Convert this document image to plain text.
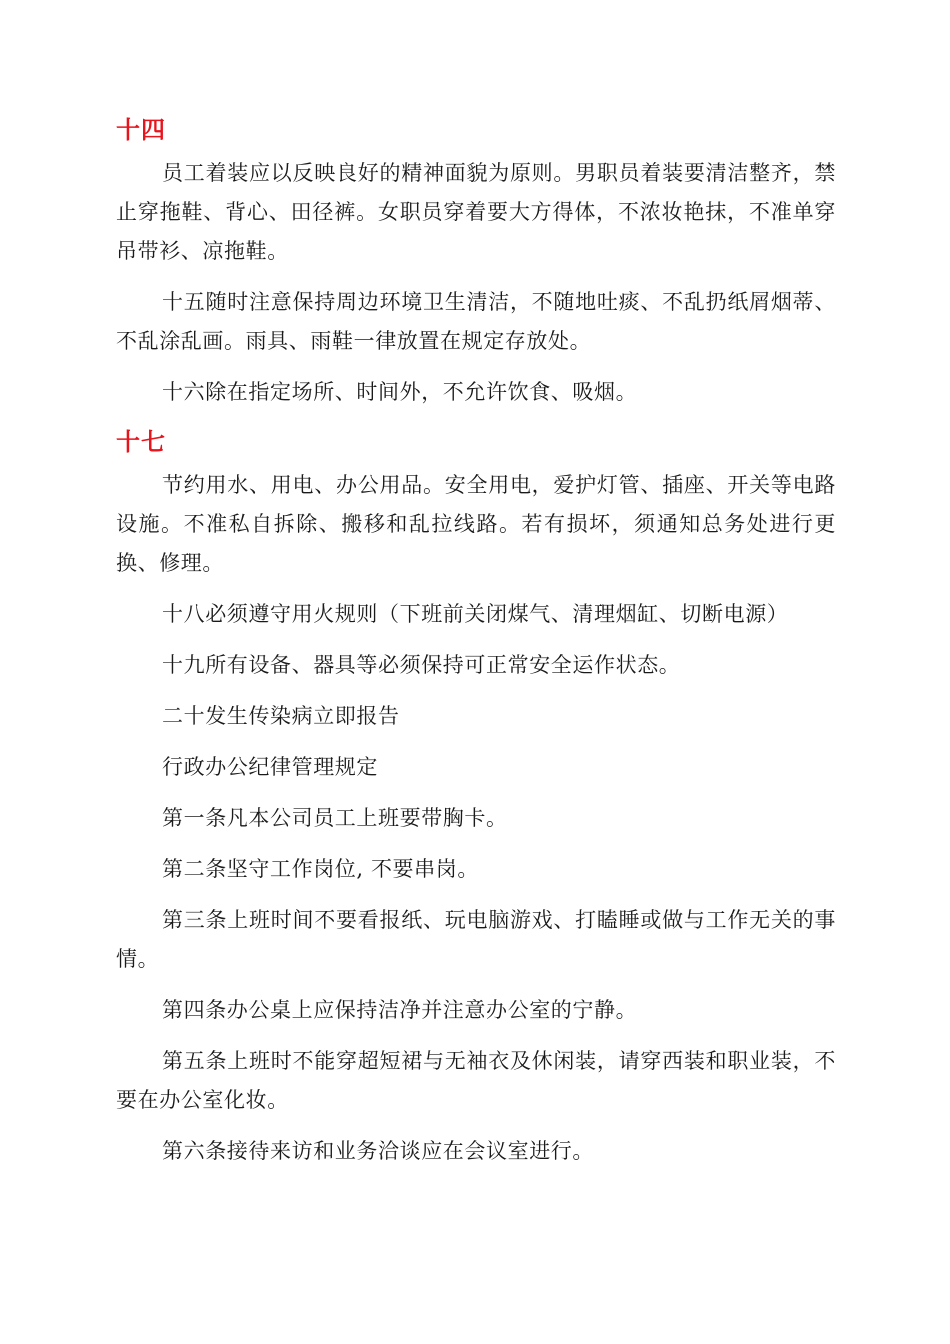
十四

员工着装应以反映良好的精神面貌为原则。男职员着装要清洁整齐，禁止穿拖鞋、背心、田径裤。女职员穿着要大方得体，不浓妆艳抹，不准单穿吊带衫、凉拖鞋。

十五随时注意保持周边环境卫生清洁，不随地吐痰、不乱扔纸屑烟蒂、不乱涂乱画。雨具、雨鞋一律放置在规定存放处。

十六除在指定场所、时间外，不允许饮食、吸烟。

十七

节约用水、用电、办公用品。安全用电，爱护灯管、插座、开关等电路设施。不准私自拆除、搬移和乱拉线路。若有损坏，须通知总务处进行更换、修理。

十八必须遵守用火规则（下班前关闭煤气、清理烟缸、切断电源）

十九所有设备、器具等必须保持可正常安全运作状态。

二十发生传染病立即报告

行政办公纪律管理规定

第一条凡本公司员工上班要带胸卡。

第二条坚守工作岗位, 不要串岗。

第三条上班时间不要看报纸、玩电脑游戏、打瞌睡或做与工作无关的事情。

第四条办公桌上应保持洁净并注意办公室的宁静。

第五条上班时不能穿超短裙与无袖衣及休闲装，请穿西装和职业装，不要在办公室化妆。

第六条接待来访和业务洽谈应在会议室进行。
